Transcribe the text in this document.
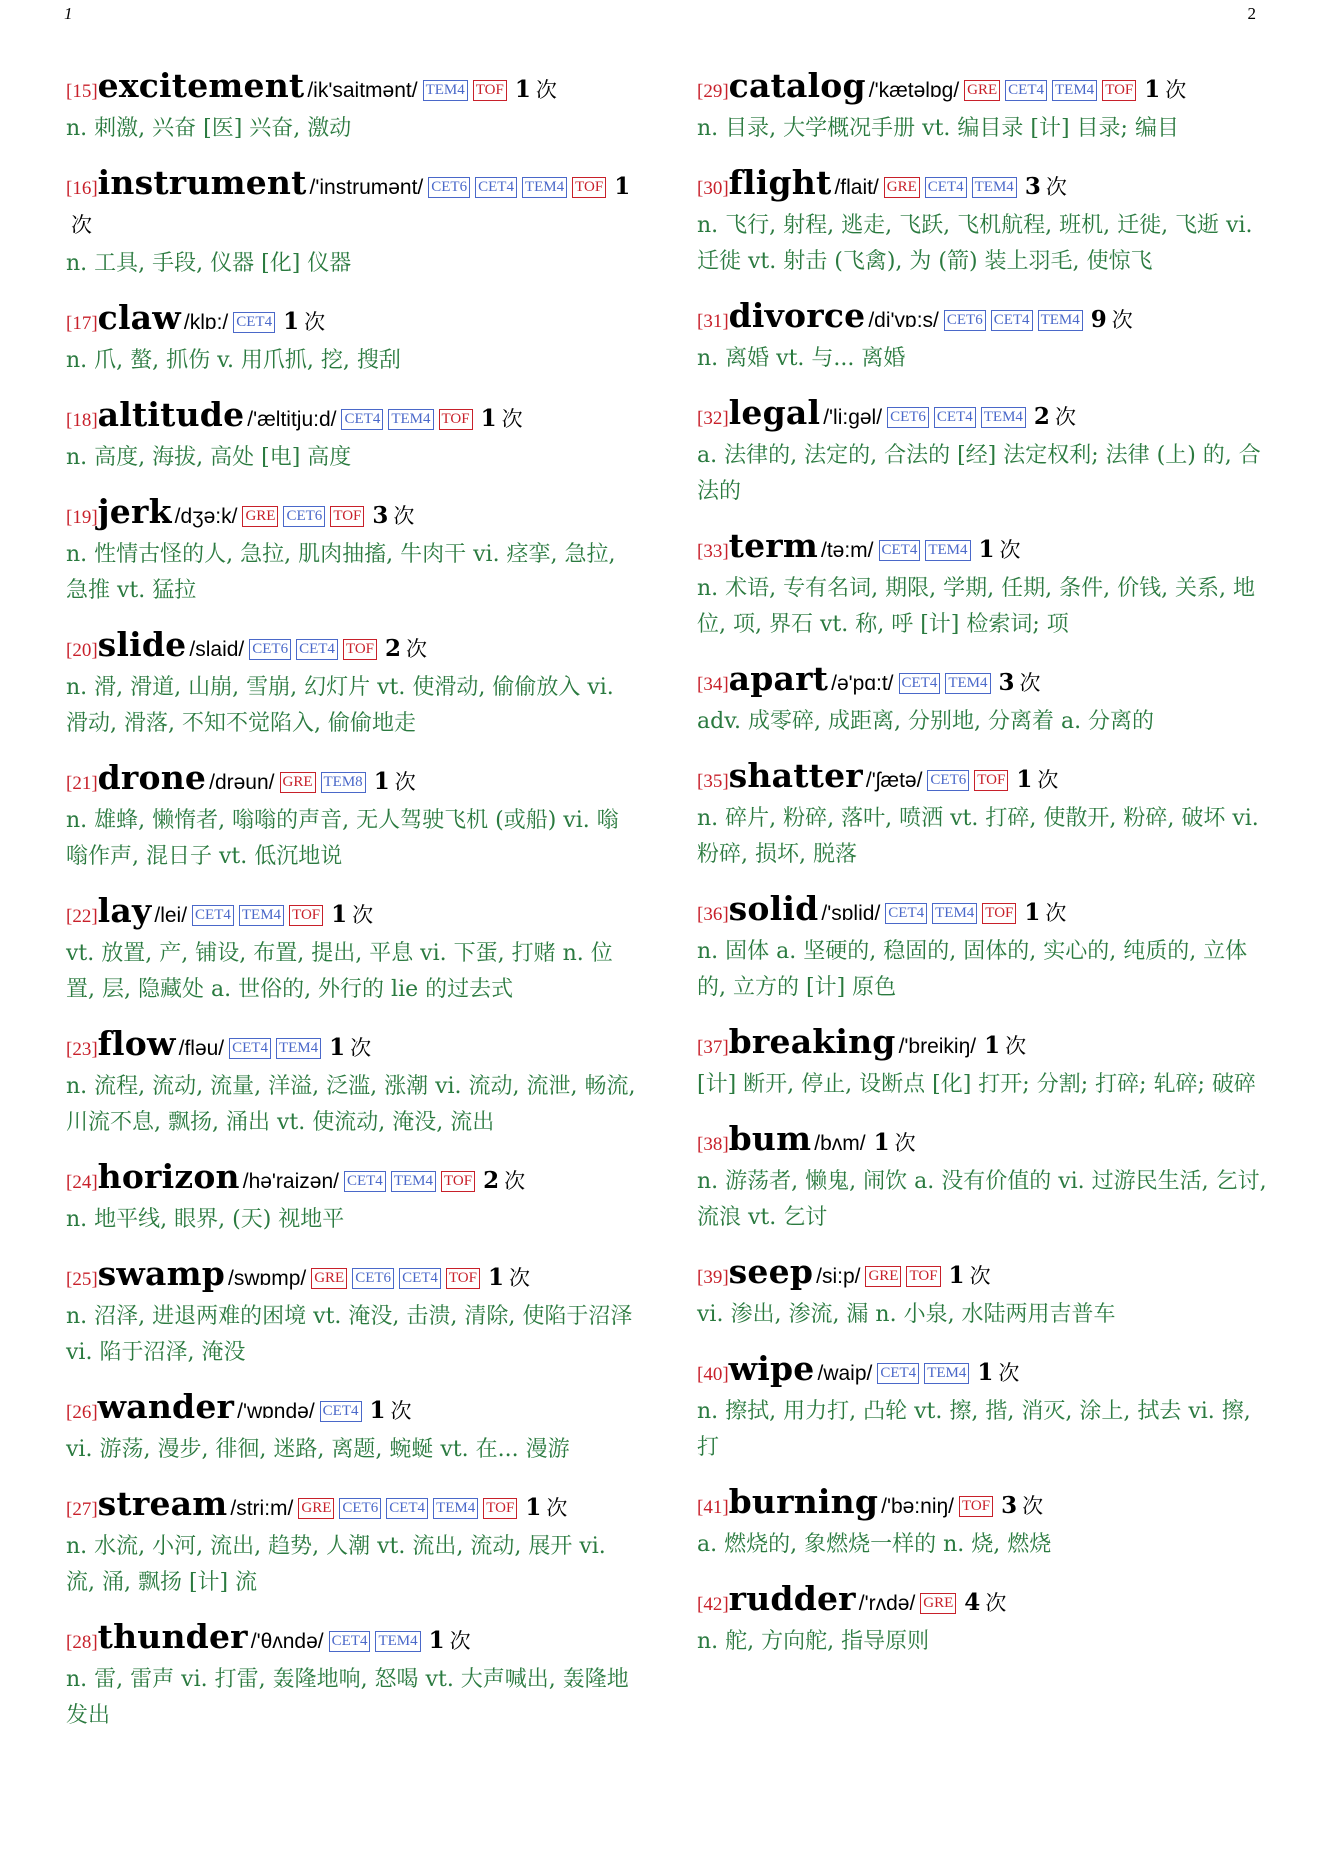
1	2
[15]excitement /ik'saitmənt/ TEM4 TOF 1 次
n. 刺激, 兴奋 [医] 兴奋, 激动
[16]instrument /'instrumənt/ CET6 CET4 TEM4 TOF 1次
n. 工具, 手段, 仪器 [化] 仪器
[17]claw /klɒ:/ CET4 1 次
n. 爪, 螯, 抓伤 v. 用爪抓, 挖, 搜刮
[18]altitude /'æltitju:d/ CET4 TEM4 TOF 1 次
n. 高度, 海拔, 高处 [电] 高度
[19]jerk /dʒə:k/ GRE CET6 TOF 3 次
n. 性情古怪的人, 急拉, 肌肉抽搐, 牛肉干 vi. 痉挛, 急拉, 急推 vt. 猛拉
[20]slide /slaid/ CET6 CET4 TOF 2 次
n. 滑, 滑道, 山崩, 雪崩, 幻灯片 vt. 使滑动, 偷偷放入 vi. 滑动, 滑落, 不知不觉陷入, 偷偷地走
[21]drone /drəun/ GRE TEM8 1 次
n. 雄蜂, 懒惰者, 嗡嗡的声音, 无人驾驶飞机 (或船) vi. 嗡嗡作声, 混日子 vt. 低沉地说
[22]lay /lei/ CET4 TEM4 TOF 1 次
vt. 放置, 产, 铺设, 布置, 提出, 平息 vi. 下蛋, 打赌 n. 位置, 层, 隐藏处 a. 世俗的, 外行的 lie 的过去式
[23]flow /fləu/ CET4 TEM4 1 次
n. 流程, 流动, 流量, 洋溢, 泛滥, 涨潮 vi. 流动, 流泄, 畅流, 川流不息, 飘扬, 涌出 vt. 使流动, 淹没, 流出
[24]horizon /hə'raizən/ CET4 TEM4 TOF 2 次
n. 地平线, 眼界, (天) 视地平
[25]swamp /swɒmp/ GRE CET6 CET4 TOF 1 次
n. 沼泽, 进退两难的困境 vt. 淹没, 击溃, 清除, 使陷于沼泽 vi. 陷于沼泽, 淹没
[26]wander /'wɒndə/ CET4 1 次
vi. 游荡, 漫步, 徘徊, 迷路, 离题, 蜿蜒 vt. 在... 漫游
[27]stream /stri:m/ GRE CET6 CET4 TEM4 TOF 1 次
n. 水流, 小河, 流出, 趋势, 人潮 vt. 流出, 流动, 展开 vi. 流, 涌, 飘扬 [计] 流
[28]thunder /'θʌndə/ CET4 TEM4 1 次
n. 雷, 雷声 vi. 打雷, 轰隆地响, 怒喝 vt. 大声喊出, 轰隆地发出
[29]catalog /'kætəlɒg/ GRE CET4 TEM4 TOF 1 次
n. 目录, 大学概况手册 vt. 编目录 [计] 目录; 编目
[30]flight /flait/ GRE CET4 TEM4 3 次
n. 飞行, 射程, 逃走, 飞跃, 飞机航程, 班机, 迁徙, 飞逝 vi. 迁徙 vt. 射击 (飞禽), 为 (箭) 装上羽毛, 使惊飞
[31]divorce /di'vɒ:s/ CET6 CET4 TEM4 9 次
n. 离婚 vt. 与... 离婚
[32]legal /'li:gəl/ CET6 CET4 TEM4 2 次
a. 法律的, 法定的, 合法的 [经] 法定权利; 法律 (上) 的, 合法的
[33]term /tə:m/ CET4 TEM4 1 次
n. 术语, 专有名词, 期限, 学期, 任期, 条件, 价钱, 关系, 地位, 项, 界石 vt. 称, 呼 [计] 检索词; 项
[34]apart /ə'pɑ:t/ CET4 TEM4 3 次
adv. 成零碎, 成距离, 分别地, 分离着 a. 分离的
[35]shatter /'ʃætə/ CET6 TOF 1 次
n. 碎片, 粉碎, 落叶, 喷洒 vt. 打碎, 使散开, 粉碎, 破坏 vi. 粉碎, 损坏, 脱落
[36]solid /'sɒlid/ CET4 TEM4 TOF 1 次
n. 固体 a. 坚硬的, 稳固的, 固体的, 实心的, 纯质的, 立体的, 立方的 [计] 原色
[37]breaking /'breikiŋ/ 1 次
[计] 断开, 停止, 设断点 [化] 打开; 分割; 打碎; 轧碎; 破碎
[38]bum /bʌm/ 1 次
n. 游荡者, 懒鬼, 闹饮 a. 没有价值的 vi. 过游民生活, 乞讨, 流浪 vt. 乞讨
[39]seep /si:p/ GRE TOF 1 次
vi. 渗出, 渗流, 漏 n. 小泉, 水陆两用吉普车
[40]wipe /waip/ CET4 TEM4 1 次
n. 擦拭, 用力打, 凸轮 vt. 擦, 揩, 消灭, 涂上, 拭去 vi. 擦, 打
[41]burning /'bə:niŋ/ TOF 3 次
a. 燃烧的, 象燃烧一样的 n. 烧, 燃烧
[42]rudder /'rʌdə/ GRE 4 次
n. 舵, 方向舵, 指导原则
